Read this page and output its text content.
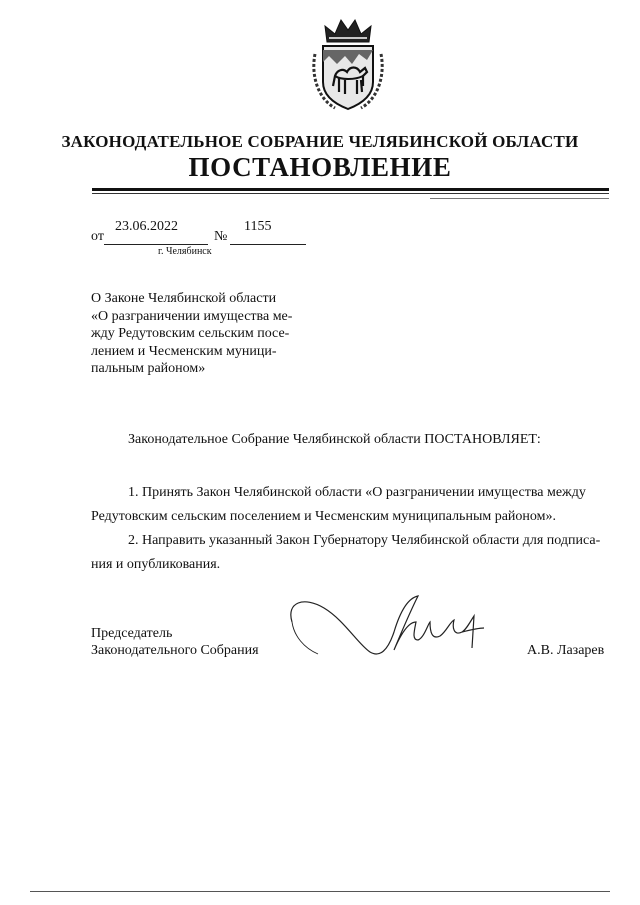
ЗАКОНОДАТЕЛЬНОЕ СОБРАНИЕ ЧЕЛЯБИНСКОЙ ОБЛАСТИ
ПОСТАНОВЛЕНИЕ
от
23.06.2022
№
1155
г. Челябинск
О Законе Челябинской области
«О разграничении имущества ме-
жду Редутовским сельским посе-
лением и Чесменским муници-
пальным районом»
Законодательное Собрание Челябинской области ПОСТАНОВЛЯЕТ:
1. Принять Закон Челябинской области «О разграничении имущества между
Редутовским сельским поселением и Чесменским муниципальным районом».
2. Направить указанный Закон Губернатору Челябинской области для подписа-
ния и опубликования.
Председатель
Законодательного Собрания	А.В. Лазарев
